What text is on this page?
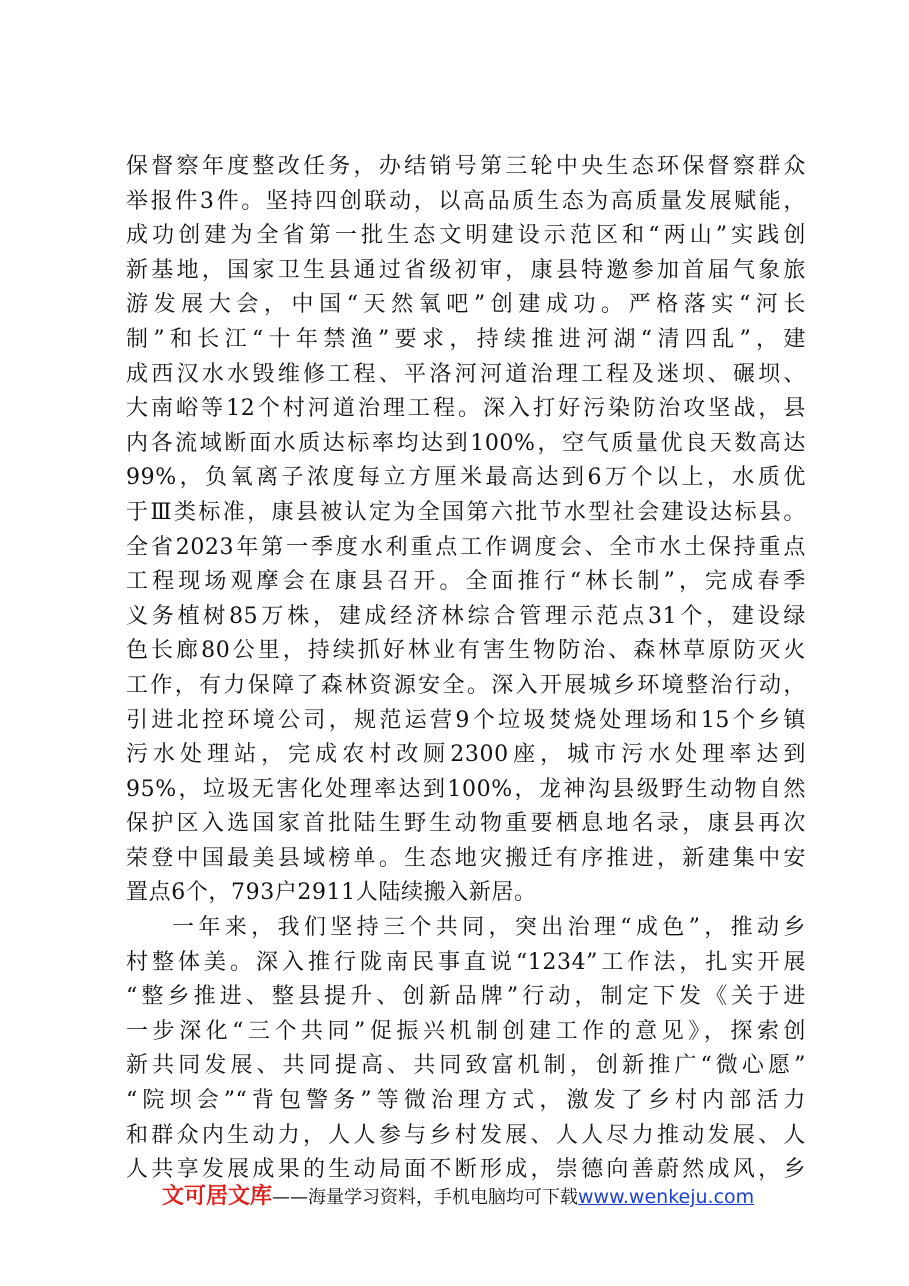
保督察年度整改任务，办结销号第三轮中央生态环保督察群众
举报件3件。坚持四创联动，以高品质生态为高质量发展赋能，
成功创建为全省第一批生态文明建设示范区和“两山”实践创
新基地，国家卫生县通过省级初审，康县特邀参加首届气象旅
游发展大会，中国“天然氧吧”创建成功。严格落实“河长
制”和长江“十年禁渔”要求，持续推进河湖“清四乱”，建
成西汉水水毁维修工程、平洛河河道治理工程及迷坝、碾坝、
大南峪等12个村河道治理工程。深入打好污染防治攻坚战，县
内各流域断面水质达标率均达到100%，空气质量优良天数高达
99%，负氧离子浓度每立方厘米最高达到6万个以上，水质优
于Ⅲ类标准，康县被认定为全国第六批节水型社会建设达标县。
全省2023年第一季度水利重点工作调度会、全市水土保持重点
工程现场观摩会在康县召开。全面推行“林长制”，完成春季
义务植树85万株，建成经济林综合管理示范点31个，建设绿
色长廊80公里，持续抓好林业有害生物防治、森林草原防灭火
工作，有力保障了森林资源安全。深入开展城乡环境整治行动，
引进北控环境公司，规范运营9个垃圾焚烧处理场和15个乡镇
污水处理站，完成农村改厕2300座，城市污水处理率达到
95%，垃圾无害化处理率达到100%，龙神沟县级野生动物自然
保护区入选国家首批陆生野生动物重要栖息地名录，康县再次
荣登中国最美县域榜单。生态地灾搬迁有序推进，新建集中安
置点6个，793户2911人陆续搬入新居。
一年来，我们坚持三个共同，突出治理“成色”，推动乡
村整体美。深入推行陇南民事直说“1234”工作法，扎实开展
“整乡推进、整县提升、创新品牌”行动，制定下发《关于进
一步深化“三个共同”促振兴机制创建工作的意见》，探索创
新共同发展、共同提高、共同致富机制，创新推广“微心愿”
“院坝会”“背包警务”等微治理方式，激发了乡村内部活力
和群众内生动力，人人参与乡村发展、人人尽力推动发展、人
人共享发展成果的生动局面不断形成，崇德向善蔚然成风，乡
文可居文库——海量学习资料，手机电脑均可下载www.wenkeju.com
